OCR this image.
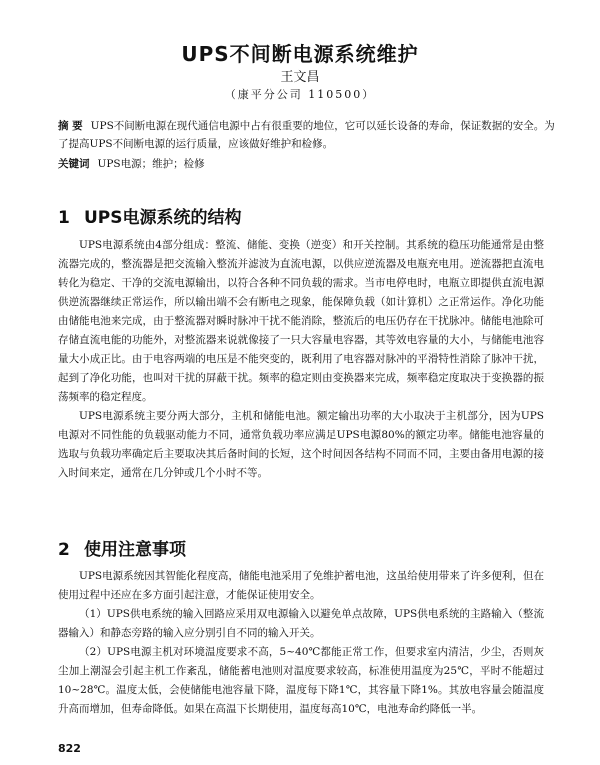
UPS不间断电源系统维护
王文昌
（康平分公司 110500）
摘 要 UPS不间断电源在现代通信电源中占有很重要的地位，它可以延长设备的寿命，保证数据的安全。为了提高UPS不间断电源的运行质量，应该做好维护和检修。
关键词 UPS电源；维护；检修
1 UPS电源系统的结构

UPS电源系统由4部分组成：整流、储能、变换（逆变）和开关控制。其系统的稳压功能通常是由整流器完成的，整流器是把交流输入整流并滤波为直流电源，以供应逆流器及电瓶充电用。逆流器把直流电转化为稳定、干净的交流电源输出，以符合各种不同负载的需求。当市电停电时，电瓶立即提供直流电源供逆流器继续正常运作，所以输出端不会有断电之现象，能保障负载（如计算机）之正常运作。净化功能由储能电池来完成，由于整流器对瞬时脉冲干扰不能消除，整流后的电压仍存在干扰脉冲。储能电池除可存储直流电能的功能外，对整流器来说就像接了一只大容量电容器，其等效电容量的大小，与储能电池容量大小成正比。由于电容两端的电压是不能突变的，既利用了电容器对脉冲的平滑特性消除了脉冲干扰，起到了净化功能，也叫对干扰的屏蔽干扰。频率的稳定则由变换器来完成，频率稳定度取决于变换器的振荡频率的稳定程度。

UPS电源系统主要分两大部分，主机和储能电池。额定输出功率的大小取决于主机部分，因为UPS电源对不同性能的负载驱动能力不同，通常负载功率应满足UPS电源80%的额定功率。储能电池容量的选取与负载功率确定后主要取决其后备时间的长短，这个时间因各结构不同而不同，主要由备用电源的接入时间来定，通常在几分钟或几个小时不等。

2 使用注意事项

UPS电源系统因其智能化程度高，储能电池采用了免维护蓄电池，这虽给使用带来了许多便利，但在使用过程中还应在多方面引起注意，才能保证使用安全。

（1）UPS供电系统的输入回路应采用双电源输入以避免单点故障，UPS供电系统的主路输入（整流器输入）和静态旁路的输入应分别引自不同的输入开关。

（2）UPS电源主机对环境温度要求不高，5~40℃都能正常工作，但要求室内清洁，少尘，否则灰尘加上潮湿会引起主机工作紊乱，储能蓄电池则对温度要求较高，标准使用温度为25℃，平时不能超过10~28℃。温度太低，会使储能电池容量下降，温度每下降1℃，其容量下降1%。其放电容量会随温度升高而增加，但寿命降低。如果在高温下长期使用，温度每高10℃，电池寿命约降低一半。

822
